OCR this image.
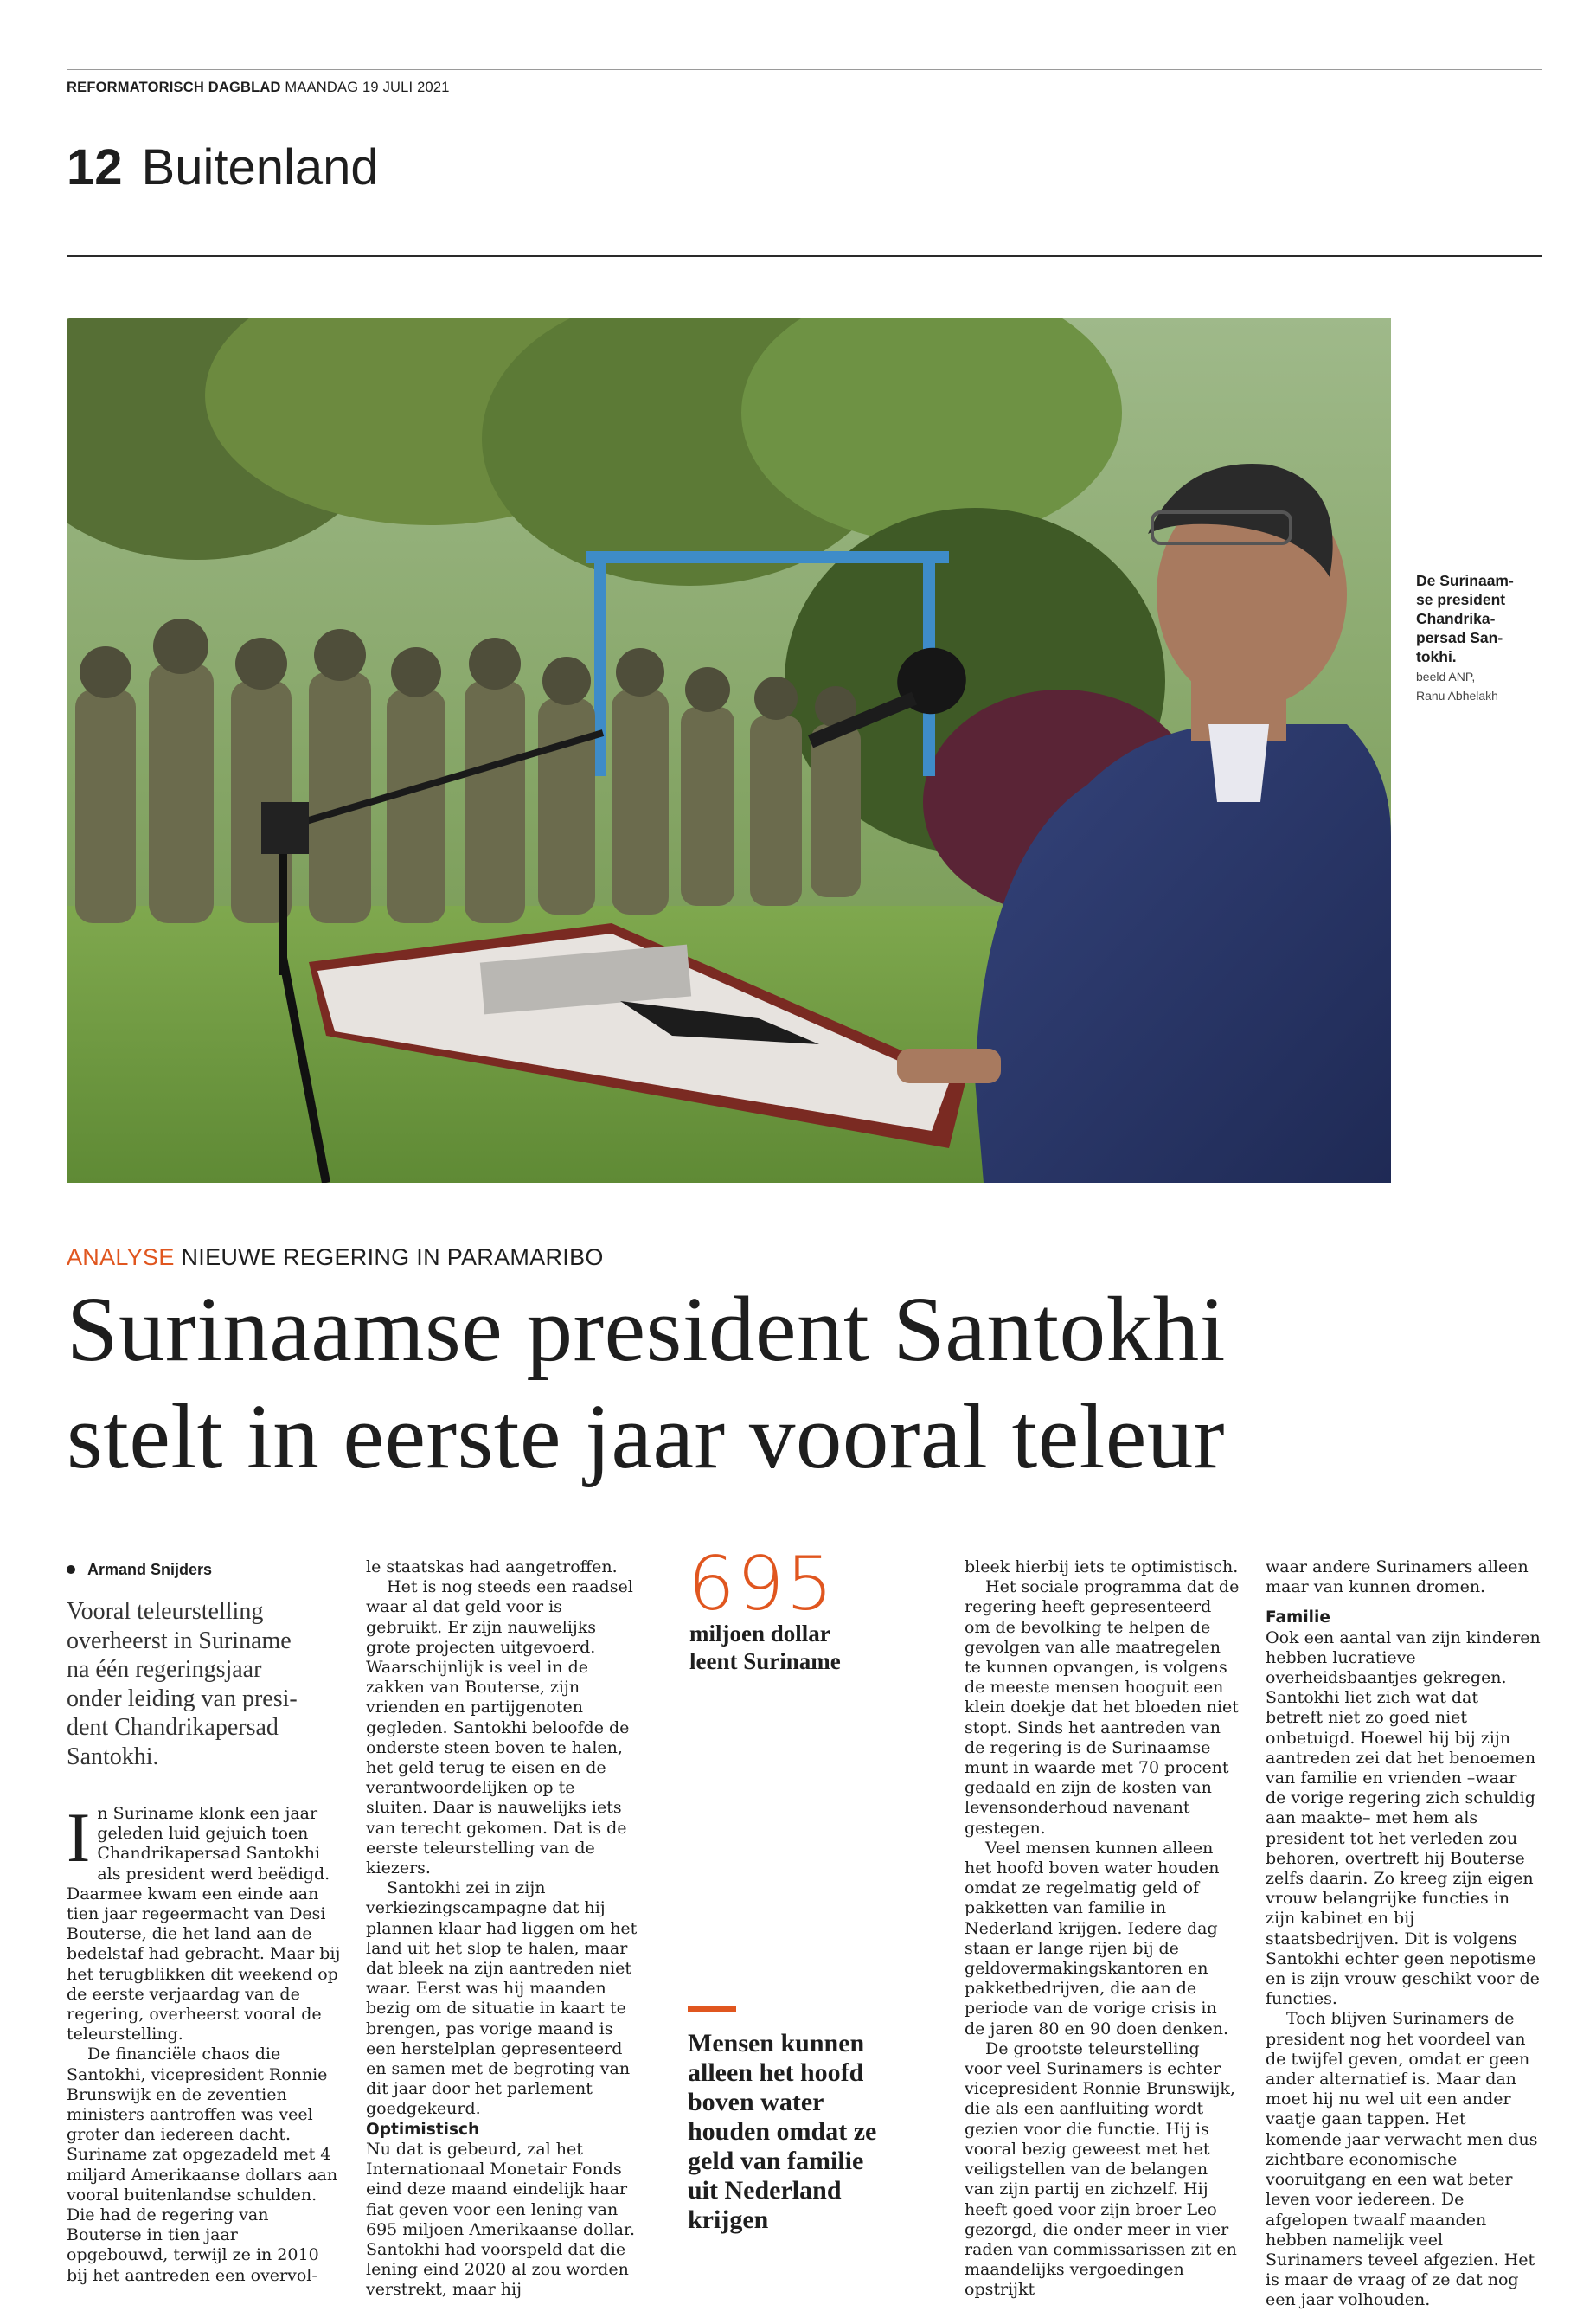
REFORMATORISCH DAGBLAD MAANDAG 19 JULI 2021
12 Buitenland
De Surinaam-
se president
Chandrika-
persad San-
tokhi.
beeld ANP,
Ranu Abhelakh
ANALYSE NIEUWE REGERING IN PARAMARIBO
Surinaamse president Santokhi
stelt in eerste jaar vooral teleur
Armand Snijders
Vooral teleurstelling
overheerst in Suriname
na één regeringsjaar
onder leiding van presi-
dent Chandrikapersad
Santokhi.
I n Suriname klonk een jaar geleden luid gejuich toen Chandrikapersad Santokhi als president werd beëdigd. Daarmee kwam een einde aan tien jaar regeermacht van Desi Bouterse, die het land aan de bedelstaf had gebracht. Maar bij het terugblikken dit weekend op de eerste verjaardag van de regering, overheerst vooral de teleurstelling.

De financiële chaos die Santokhi, vicepresident Ronnie Brunswijk en de zeventien ministers aantroffen was veel groter dan iedereen dacht. Suriname zat opgezadeld met 4 miljard Amerikaanse dollars aan vooral buitenlandse schulden. Die had de regering van Bouterse in tien jaar opgebouwd, terwijl ze in 2010 bij het aantreden een overvol-

le staatskas had aangetroffen.

Het is nog steeds een raadsel waar al dat geld voor is gebruikt. Er zijn nauwelijks grote projecten uitgevoerd. Waarschijnlijk is veel in de zakken van Bouterse, zijn vrienden en partijgenoten gegleden. Santokhi beloofde de onderste steen boven te halen, het geld terug te eisen en de verantwoordelijken op te sluiten. Daar is nauwelijks iets van terecht gekomen. Dat is de eerste teleurstelling van de kiezers.

Santokhi zei in zijn verkiezingscampagne dat hij plannen klaar had liggen om het land uit het slop te halen, maar dat bleek na zijn aantreden niet waar. Eerst was hij maanden bezig om de situatie in kaart te brengen, pas vorige maand is een herstelplan gepresenteerd en samen met de begroting van dit jaar door het parlement goedgekeurd.

Optimistisch

Nu dat is gebeurd, zal het Internationaal Monetair Fonds eind deze maand eindelijk haar fiat geven voor een lening van 695 miljoen Amerikaanse dollar. Santokhi had voorspeld dat die lening eind 2020 al zou worden verstrekt, maar hij

695
miljoen dollar
leent Suriname
Mensen kunnen
alleen het hoofd
boven water
houden omdat ze
geld van familie
uit Nederland
krijgen

bleek hierbij iets te optimistisch.

Het sociale programma dat de regering heeft gepresenteerd om de bevolking te helpen de gevolgen van alle maatregelen te kunnen opvangen, is volgens de meeste mensen hooguit een klein doekje dat het bloeden niet stopt. Sinds het aantreden van de regering is de Surinaamse munt in waarde met 70 procent gedaald en zijn de kosten van levensonderhoud navenant gestegen.

Veel mensen kunnen alleen het hoofd boven water houden omdat ze regelmatig geld of pakketten van familie in Nederland krijgen. Iedere dag staan er lange rijen bij de geldovermakingskantoren en pakketbedrijven, die aan de periode van de vorige crisis in de jaren 80 en 90 doen denken.

De grootste teleurstelling voor veel Surinamers is echter vicepresident Ronnie Brunswijk, die als een aanfluiting wordt gezien voor die functie. Hij is vooral bezig geweest met het veiligstellen van de belangen van zijn partij en zichzelf. Hij heeft goed voor zijn broer Leo gezorgd, die onder meer in vier raden van commissarissen zit en maandelijks vergoedingen opstrijkt

waar andere Surinamers alleen maar van kunnen dromen.

Familie

Ook een aantal van zijn kinderen hebben lucratieve overheidsbaantjes gekregen. Santokhi liet zich wat dat betreft niet zo goed niet onbetuigd. Hoewel hij bij zijn aantreden zei dat het benoemen van familie en vrienden –waar de vorige regering zich schuldig aan maakte– met hem als president tot het verleden zou behoren, overtreft hij Bouterse zelfs daarin. Zo kreeg zijn eigen vrouw belangrijke functies in zijn kabinet en bij staatsbedrijven. Dit is volgens Santokhi echter geen nepotisme en is zijn vrouw geschikt voor de functies.

Toch blijven Surinamers de president nog het voordeel van de twijfel geven, omdat er geen ander alternatief is. Maar dan moet hij nu wel uit een ander vaatje gaan tappen. Het komende jaar verwacht men dus zichtbare economische vooruitgang en een wat beter leven voor iedereen. De afgelopen twaalf maanden hebben namelijk veel Surinamers teveel afgezien. Het is maar de vraag of ze dat nog een jaar volhouden.
